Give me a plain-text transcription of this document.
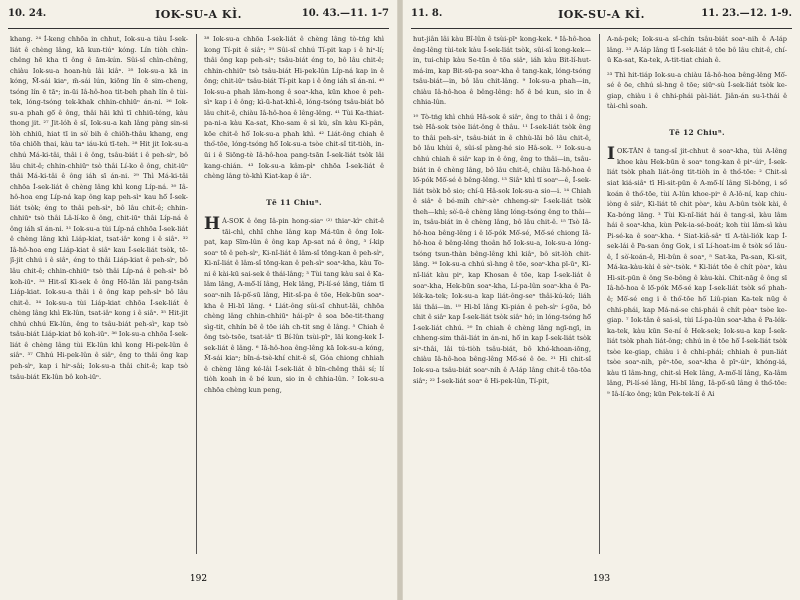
10. 24.	IOK-SU-A KÌ.	10. 43.—11. 1-7

khang. ²⁴ Í-keng chhōa in chhut, Iok-su-a tiàu Í-sek-liát ê chèng lâng, kā kun-tiúⁿ kóng. Lín tiòh chìn-chêng hē kha tī ông ê ām-kún. Sûi-sî chìn-chêng, chiàu Iok-su-a hoan-hù lâi kiâⁿ. ²⁵ Iok-su-a kā in kóng, M̄-sái kiaⁿ, m̄-sái lún, kiōng lín ē sim-cheng, tsóng lín ē tāⁿ; in-ūi Iâ-hô-hoa tit-beh phah lín ê tùi-tek, lóng-tsóng tek-khak chhin-chhiūⁿ án-ni. ²⁶ Iok-su-a phah gō͘ ê ông, thâi hāi khì tī chhiū-téng, kàu thong jit. ²⁷ Jit-lóh ê sî, Iok-su-a kah lâng pàng sin-si lòh chhiū, hiat tī in sò͘ bih ê chiōh-thâu khang, eng tōa chiōh thai, kàu taⁿ iáu-kú tī-teh. ²⁸ Hit jit Iok-su-a chhú Má-ki-tâi, thâi i ê ông, tsâu-biát i ê peh-sìⁿ, bô lâu chit-ê; chhin-chhiūⁿ tsò thâi Lí-ko ê ông, chit-iūⁿ thâi Má-ki-tâi ê ông iáh sī án-ni. ²⁹ Thì Má-ki-tâi chhōa Í-sek-liát ê chèng lâng khì kong Líp-ná. ³⁰ Iâ-hô-hoa eng Líp-ná kap ông kap peh-sìⁿ kau hō͘ Í-sek-liát tsòk; éng to thâi peh-sìⁿ, bô lâu chit-ê; chhin-chhiūⁿ tsò thâi Lâ-lí-ko ê ông, chit-iūⁿ thâi Líp-ná ê ông iáh sī án-ni. ³¹ Iok-su-a tùi Líp-ná chhōa Í-sek-liát ê chèng lâng khì Liáp-kiat, tsat-iâⁿ kong i ê siâⁿ. ³² Iâ-hô-hoa eng Liáp-kiat ê siâⁿ kau Í-sek-liát tsòk, tē-jī-jit chhú i ê siâⁿ, éng to thâi Liáp-kiat ê peh-sìⁿ, bô lâu chit-ê; chhin-chhiūⁿ tsò thâi Líp-ná ê peh-sìⁿ bô koh-iūⁿ. ³³ Hit-sî Ki-sek ê ông Hō-lân lâi pang-tsân Liáp-kiat. Iok-su-a thâi i ê ông kap peh-sìⁿ bô lâu chit-ê. ³⁴ Iok-su-a tùi Liáp-kiat chhōa Í-sek-liát ê chèng lâng khì Ek-lûn, tsat-iâⁿ kong i ê siâⁿ. ³⁵ Hit-jit chhú chhú Ek-lûn, êng to tsâu-biát peh-sìⁿ, kap tsò tsâu-biát Liáp-kiat bô koh-iūⁿ. ³⁶ Iok-su-a chhōa Í-sek-liát ê chèng lâng tùi Ek-lûn khì kong Hi-pek-lûn ê siâⁿ. ³⁷ Chhú Hi-pek-lûn ê siâⁿ, êng to thâi ông kap peh-sìⁿ, kap i hiⁿ-sâi; Iok-su-a thâi chit-ê; kap tsò tsâu-biát Ek-lûn bô koh-iūⁿ.

³⁸ Iok-su-a chhōa Í-sek-liát ê chèng lâng tò-tńg khì kong Tí-pit ê siâⁿ; ³⁹ Sûi-sî chhú Tí-pit kap i ê hiⁿ-lí; thâi ông kap peh-sìⁿ; tsâu-biát éng to, bô lâu chit-ê; chhin-chhiūⁿ tsò tsâu-biát Hi-pek-lûn Líp-ná kap in ê ông; chit-iūⁿ tsâu-biát Tí-pit kap i ê ông iáh sī án-ni. ⁴⁰ Iok-su-a phah lâm-hong ê soaⁿ-kha, kūn khoe ê peh-sìⁿ kap i ê ông; kì-ū-hat-khì-ê, lóng-tsóng tsâu-biát bô lâu chit-ê, chiàu Iâ-hô-hoa ê lêng-lêng. ⁴¹ Tùi Ka-thiat-pa-ni-a kàu Ka-sat, Kho-sam ê sì kù, sîn kàu Ki-pân, kōe chit-ê hō͘ Iok-su-a phah khì. ⁴² Liát-ông chiah ê thó͘-tōe, lóng-tsóng hō͘ Iok-su-a tsòe chit-sî tit-tiòh, in-ūi i ê Siōng-tè Iâ-hô-hoa pang-tsān Í-sek-liát tsòk lâi kang-chián. ⁴³ Iok-su-a kâm-pìⁿ chhōa Í-sek-liát ê chèng lâng tò-khì Kiat-kap ê iâⁿ.

Tē 11 Chiuⁿ.

HÁ-SOK ê ông Iâ-pin hong-siaⁿ ⁽²⁾ thiaⁿ-kìⁿ chit-ê tāi-chì, chhī chhe lâng kap Má-tūn ê ông Iok-pat, kap Sīm-lûn ê ông kap Ap-sat ná ê ông, ³ í-kip soaⁿ tē ê peh-sìⁿ, Ki-nî-liát ê lâm-sî tōng-kan ê peh-sìⁿ, Ki-nî-liát ê lâm-sî tōng-kan ê peh-sìⁿ soaⁿ-kha, kàu To-ni ê kài-kū sai-sek ê thái-lâng; ³ Tùi tang kàu sai ê Ka-lâm lâng, A-mō͘-lí lâng, Hek lâng, Pi-lí-sé lâng, tiám tī soaⁿ-nih Iâ-pō͘-sū lâng, Hit-sî-pa ê tōe, Hek-būn soaⁿ-kha ê Hi-bī lâng. ⁴ Liát-ông sûi-sî chhut-lâi, chhōa chèng lâng chhin-chhiūⁿ hái-pīⁿ ê soa bōe-tit-thang sìg-tit, chhín bē ê tōe iáh ch-tit sng ê lâng. ⁵ Chiah ê ông tsò-tsōe, tsat-iâⁿ tī Bí-lûn tsùi-pīⁿ, lāi kong-kek Í-sek-liát ê lâng. ⁶ Iâ-hô-hoa êng-lêng kā Iok-su-a kóng, M̄-sái kiaⁿ; bîn-á-tsè-khí chit-ê sî, Góa chiong chhiah ê chèng lâng ké-lâi Í-sek-liát ê bīn-chêng thâi sí; lí tiòh koah in ê bé kun, sio in ê chhia-lûn. ⁷ Iok-su-a chhōa chèng kun peng,

192
11. 8.	IOK-SU-A KÌ.	11. 23.—12. 1-9.

hut-jiân lâi kàu Bî-lûn ê tsùi-pīⁿ kong-kek. ⁸ Iâ-hô-hoa êng-lêng tùi-tek kàu Í-sek-liát tsòk, sûi-sî kong-kek—in, tui-chip kàu Se-tūn ê tōa siâⁿ, iáh kàu Bit-lí-hut-má-im, kap Bit-sū-pa soaⁿ-kha ê tang-kak, lóng-tsóng tsâu-biát—in, bô lâu chit-lâng. ⁹ Iok-su-a phah—in, chiàu Iâ-hô-hoa ê bêng-lêng: hō͘ ê bé kun, sio in ê chhia-lûn.

¹⁰ Tò-tńg khì chhú Hâ-sok ê siâⁿ, êng to thâi i ê ông; tsè Hâ-sok tsòe liát-ông ê thâu. ¹¹ Í-sek-liát tsòk êng to thâi peh-sìⁿ, tsâu-biát in ê chhù-lāi bô lâu chit-ê, bô lâu khùi ê, sûi-sî pàng-hé sio Hâ-sok. ¹² Iok-su-a chhú chiah ê siâⁿ kap in ê ông, êng to thâi—in, tsâu-biát in ê chèng lâng, bô lâu chit-ê, chiàu Iâ-hô-hoa ê lō͘-pók Mō͘-sé ê bêng-lêng. ¹³ Siâⁿ khì tī soaⁿ—ê, Í-sek-liát tsòk bô sio; chí-ū Hâ-sok Iok-su-a sio—i. ¹⁴ Chiah ê siâⁿ ê bé-mih chiⁿ-sèⁿ chheng-siⁿ Í-sek-liát tsòk theh—khì; sò͘-ū-ê chèng lâng lóng-tsóng êng to thâi—in, tsâu-biát in ê chèng lâng, bô lâu chit-ê. ¹⁵ Tsò Iâ-hô-hoa bêng-lêng i ê lō͘-pók Mō͘-sé, Mō͘-sé chiong Iâ-hô-hoa ê bêng-lêng thoân hō͘ Iok-su-a, Iok-su-a lóng-tsóng tsun-thàn bêng-lêng khì kiâⁿ, bô sit-lòh chit-lâng. ¹⁶ Iok-su-a chhú sì-hng ê tōe, soaⁿ-kha pī-ūⁿ, Ki-nî-liát kàu piⁿ, kap Khosan ê tōe, kap Í-sek-liát ê soaⁿ-kha, Hek-būn soaⁿ-kha, Lí-pa-lûn soaⁿ-kha ê Pa-lék-ka-tek; Iok-su-a kap liát-ông-seⁿ thâi-kú-kó; liáh lâi thâi—in. ¹⁹ Hi-bî lâng Ki-pián ê peh-sìⁿ í-gōa, bô chit ê siâⁿ kap Í-sek-liát tsòk siâⁿ hó; in lóng-tsóng hō͘ Í-sek-liát chhú. ²⁰ In chiah ê chèng lâng ngī-ngī, in chheng-sim thâi-liát in án-ni, hō͘ in kap Í-sek-liát tsòk siⁿ-thâi, lâi tú-tiòh tsâu-biát, bô khó-khoan-iōng, chiàu Iâ-hô-hoa bêng-lêng Mō͘-sé ê ōe. ²¹ Hi chit-sî Iok-su-a tsâu-biát soaⁿ-nih ê A-láp lâng chit-ê tōa-tōa siâⁿ; ²² Í-sek-liát soaⁿ ê Hi-pek-lûn, Tí-pit,

A-ná-pek; Iok-su-a sî-chín tsâu-biát soaⁿ-nih ê A-láp lâng. ²³ A-láp lâng tī Í-sek-liát ê tōe bô lâu chit-ê, chí-ū Ka-sat, Ka-tek, A-tit-tiat chiah ê.

²³ Thì hit-tiáp Iok-su-a chiàu Iâ-hô-hoa bêng-lêng Mō͘-sé ê ōe, chhú sì-hng ê tōe; siūⁿ-sù Í-sek-liát tsòk ke-giap, chiàu i ê chhi-phái pài-liát. Jiân-án su-ī-thái ê tài-chì soah.

Tē 12 Chiuⁿ.

IOK-TÂN ê tang-sî jit-chhut ê soaⁿ-kha, tùi A-lêng khoe kàu Hek-būn ê soaⁿ tong-kan ê piⁿ-úiⁿ, Í-sek-liát tsòk phah liát-ông tit-tiòh in ê thó͘-tōe: ² Chit-sì siat kiá-siâⁿ tī Hi-sit-pūn ê A-mō͘-lí lâng Sì-bông, i só͘ koán ê thó͘-tōe, tùi A-lûn khoe-piⁿ ê A-lô-ní, kap chiu-iòng ê siâⁿ, Ki-liát tē chit pòaⁿ, kàu A-bûn tsòk kài, ê Ka-bóng lâng. ³ Tùi Ki-nî-liát hái ê tang-sì, kàu lâm hái ê soaⁿ-kha, kùn Pek-ia-sé-boát; koh tùi lâm-sì kàu Pi-sé-ka ê soaⁿ-kha. ⁴ Siat-kiâ-sâⁿ tī A-tài-liók kap Í-sek-lái ê Pa-san ông Gok, i sī Lí-hoat-im ê tsòk só͘ lâu-ê, Í sò͘-koán-ê, Hi-bûn ê soaⁿ, ⁵ Sat-ka, Pa-san, Ki-sit, Má-ka-kàu-kài ê sèⁿ-tsòk. ⁶ Ki-liát tōe ê chít pòaⁿ, kàu Hi-sit-pūn ê ông Se-bông ê kàu-kài. Chit-nāg ê ông sī Iâ-hô-hoa ê lō͘-pók Mō͘-sé kap Í-sek-liát tsòk só͘ phah-ê; Mō͘-sé eng i ê thó͘-tōe hō͘ Liû-pian Ka-tek nūg ê chhi-phái, kap Má-ná-se chi-phái ê chít pòaⁿ tsòe ke-giap. ⁷ Iok-tân ê sai-sì, tùi Lí-pa-lûn soaⁿ-kha ê Pa-lék-ka-tek, kàu kūn Se-ní ê Hek-sek; Iok-su-a kap Í-sek-liát tsòk phah liát-ông; chhú in ê tōe hō͘ Í-sek-liát tsòk tsòe ke-giap, chiàu i ê chhi-phái; chhiah ê pun-liát tsòe soaⁿ-nih, pêⁿ-tōe, soaⁿ-kha ê pīⁿ-úiⁿ, khóng-iá, kàu tī lâm-hng, chit-sì Hek lâng, A-mō͘-lí lâng, Ka-lâm lâng, Pi-lí-sé lâng, Hi-bī lâng, Iâ-pō͘-sū lâng ê thó͘-tōe: ⁹ Iâ-lí-ko ông; kūn Pek-tek-lí ê Ai

193
